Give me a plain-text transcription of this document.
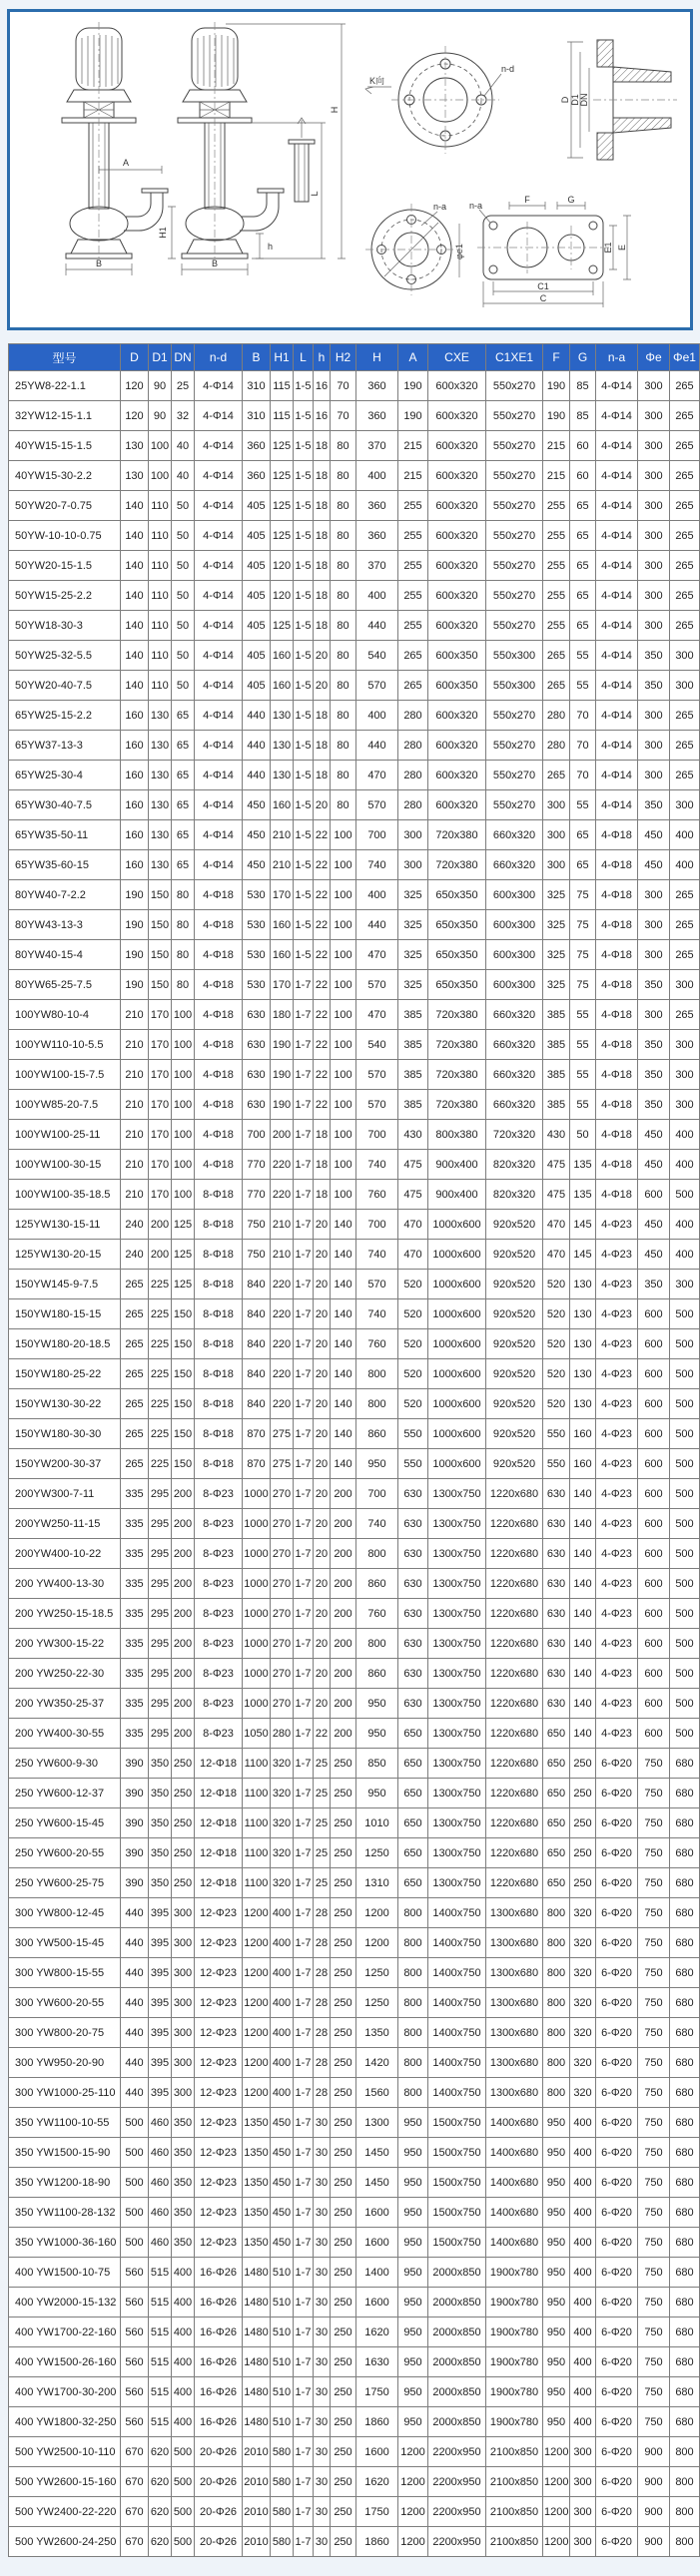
A
B
H1
B
h
L
H
n-d
K向
D D1 DN
n-a
φe1
n-a
F	G
E1 E
C1
C
型号	D	D1	DN	n-d	B	H1	L	h	H2	H	A	CXE	C1XE1	F	G	n-a	Φe	Φe1
25YW8-22-1.1	120	90	25	4-Φ14	310	115	1-5	16	70	360	190	600x320	550x270	190	85	4-Φ14	300	265
32YW12-15-1.1	120	90	32	4-Φ14	310	115	1-5	16	70	360	190	600x320	550x270	190	85	4-Φ14	300	265
40YW15-15-1.5	130	100	40	4-Φ14	360	125	1-5	18	80	370	215	600x320	550x270	215	60	4-Φ14	300	265
40YW15-30-2.2	130	100	40	4-Φ14	360	125	1-5	18	80	400	215	600x320	550x270	215	60	4-Φ14	300	265
50YW20-7-0.75	140	110	50	4-Φ14	405	125	1-5	18	80	360	255	600x320	550x270	255	65	4-Φ14	300	265
50YW-10-10-0.75	140	110	50	4-Φ14	405	125	1-5	18	80	360	255	600x320	550x270	255	65	4-Φ14	300	265
50YW20-15-1.5	140	110	50	4-Φ14	405	120	1-5	18	80	370	255	600x320	550x270	255	65	4-Φ14	300	265
50YW15-25-2.2	140	110	50	4-Φ14	405	120	1-5	18	80	400	255	600x320	550x270	255	65	4-Φ14	300	265
50YW18-30-3	140	110	50	4-Φ14	405	125	1-5	18	80	440	255	600x320	550x270	255	65	4-Φ14	300	265
50YW25-32-5.5	140	110	50	4-Φ14	405	160	1-5	20	80	540	265	600x350	550x300	265	55	4-Φ14	350	300
50YW20-40-7.5	140	110	50	4-Φ14	405	160	1-5	20	80	570	265	600x350	550x300	265	55	4-Φ14	350	300
65YW25-15-2.2	160	130	65	4-Φ14	440	130	1-5	18	80	400	280	600x320	550x270	280	70	4-Φ14	300	265
65YW37-13-3	160	130	65	4-Φ14	440	130	1-5	18	80	440	280	600x320	550x270	280	70	4-Φ14	300	265
65YW25-30-4	160	130	65	4-Φ14	440	130	1-5	18	80	470	280	600x320	550x270	265	70	4-Φ14	300	265
65YW30-40-7.5	160	130	65	4-Φ14	450	160	1-5	20	80	570	280	600x320	550x270	300	55	4-Φ14	350	300
65YW35-50-11	160	130	65	4-Φ14	450	210	1-5	22	100	700	300	720x380	660x320	300	65	4-Φ18	450	400
65YW35-60-15	160	130	65	4-Φ14	450	210	1-5	22	100	740	300	720x380	660x320	300	65	4-Φ18	450	400
80YW40-7-2.2	190	150	80	4-Φ18	530	170	1-5	22	100	400	325	650x350	600x300	325	75	4-Φ18	300	265
80YW43-13-3	190	150	80	4-Φ18	530	160	1-5	22	100	440	325	650x350	600x300	325	75	4-Φ18	300	265
80YW40-15-4	190	150	80	4-Φ18	530	160	1-5	22	100	470	325	650x350	600x300	325	75	4-Φ18	300	265
80YW65-25-7.5	190	150	80	4-Φ18	530	170	1-7	22	100	570	325	650x350	600x300	325	75	4-Φ18	350	300
100YW80-10-4	210	170	100	4-Φ18	630	180	1-7	22	100	470	385	720x380	660x320	385	55	4-Φ18	300	265
100YW110-10-5.5	210	170	100	4-Φ18	630	190	1-7	22	100	540	385	720x380	660x320	385	55	4-Φ18	350	300
100YW100-15-7.5	210	170	100	4-Φ18	630	190	1-7	22	100	570	385	720x380	660x320	385	55	4-Φ18	350	300
100YW85-20-7.5	210	170	100	4-Φ18	630	190	1-7	22	100	570	385	720x380	660x320	385	55	4-Φ18	350	300
100YW100-25-11	210	170	100	4-Φ18	700	200	1-7	18	100	700	430	800x380	720x320	430	50	4-Φ18	450	400
100YW100-30-15	210	170	100	4-Φ18	770	220	1-7	18	100	740	475	900x400	820x320	475	135	4-Φ18	450	400
100YW100-35-18.5	210	170	100	8-Φ18	770	220	1-7	18	100	760	475	900x400	820x320	475	135	4-Φ18	600	500
125YW130-15-11	240	200	125	8-Φ18	750	210	1-7	20	140	700	470	1000x600	920x520	470	145	4-Φ23	450	400
125YW130-20-15	240	200	125	8-Φ18	750	210	1-7	20	140	740	470	1000x600	920x520	470	145	4-Φ23	450	400
150YW145-9-7.5	265	225	125	8-Φ18	840	220	1-7	20	140	570	520	1000x600	920x520	520	130	4-Φ23	350	300
150YW180-15-15	265	225	150	8-Φ18	840	220	1-7	20	140	740	520	1000x600	920x520	520	130	4-Φ23	600	500
150YW180-20-18.5	265	225	150	8-Φ18	840	220	1-7	20	140	760	520	1000x600	920x520	520	130	4-Φ23	600	500
150YW180-25-22	265	225	150	8-Φ18	840	220	1-7	20	140	800	520	1000x600	920x520	520	130	4-Φ23	600	500
150YW130-30-22	265	225	150	8-Φ18	840	220	1-7	20	140	800	520	1000x600	920x520	520	130	4-Φ23	600	500
150YW180-30-30	265	225	150	8-Φ18	870	275	1-7	20	140	860	550	1000x600	920x520	550	160	4-Φ23	600	500
150YW200-30-37	265	225	150	8-Φ18	870	275	1-7	20	140	950	550	1000x600	920x520	550	160	4-Φ23	600	500
200YW300-7-11	335	295	200	8-Φ23	1000	270	1-7	20	200	700	630	1300x750	1220x680	630	140	4-Φ23	600	500
200YW250-11-15	335	295	200	8-Φ23	1000	270	1-7	20	200	740	630	1300x750	1220x680	630	140	4-Φ23	600	500
200YW400-10-22	335	295	200	8-Φ23	1000	270	1-7	20	200	800	630	1300x750	1220x680	630	140	4-Φ23	600	500
200 YW400-13-30	335	295	200	8-Φ23	1000	270	1-7	20	200	860	630	1300x750	1220x680	630	140	4-Φ23	600	500
200 YW250-15-18.5	335	295	200	8-Φ23	1000	270	1-7	20	200	760	630	1300x750	1220x680	630	140	4-Φ23	600	500
200 YW300-15-22	335	295	200	8-Φ23	1000	270	1-7	20	200	800	630	1300x750	1220x680	630	140	4-Φ23	600	500
200 YW250-22-30	335	295	200	8-Φ23	1000	270	1-7	20	200	860	630	1300x750	1220x680	630	140	4-Φ23	600	500
200 YW350-25-37	335	295	200	8-Φ23	1000	270	1-7	20	200	950	630	1300x750	1220x680	630	140	4-Φ23	600	500
200 YW400-30-55	335	295	200	8-Φ23	1050	280	1-7	22	200	950	650	1300x750	1220x680	650	140	4-Φ23	600	500
250 YW600-9-30	390	350	250	12-Φ18	1100	320	1-7	25	250	850	650	1300x750	1220x680	650	250	6-Φ20	750	680
250 YW600-12-37	390	350	250	12-Φ18	1100	320	1-7	25	250	950	650	1300x750	1220x680	650	250	6-Φ20	750	680
250 YW600-15-45	390	350	250	12-Φ18	1100	320	1-7	25	250	1010	650	1300x750	1220x680	650	250	6-Φ20	750	680
250 YW600-20-55	390	350	250	12-Φ18	1100	320	1-7	25	250	1250	650	1300x750	1220x680	650	250	6-Φ20	750	680
250 YW600-25-75	390	350	250	12-Φ18	1100	320	1-7	25	250	1310	650	1300x750	1220x680	650	250	6-Φ20	750	680
300 YW800-12-45	440	395	300	12-Φ23	1200	400	1-7	28	250	1200	800	1400x750	1300x680	800	320	6-Φ20	750	680
300 YW500-15-45	440	395	300	12-Φ23	1200	400	1-7	28	250	1200	800	1400x750	1300x680	800	320	6-Φ20	750	680
300 YW800-15-55	440	395	300	12-Φ23	1200	400	1-7	28	250	1250	800	1400x750	1300x680	800	320	6-Φ20	750	680
300 YW600-20-55	440	395	300	12-Φ23	1200	400	1-7	28	250	1250	800	1400x750	1300x680	800	320	6-Φ20	750	680
300 YW800-20-75	440	395	300	12-Φ23	1200	400	1-7	28	250	1350	800	1400x750	1300x680	800	320	6-Φ20	750	680
300 YW950-20-90	440	395	300	12-Φ23	1200	400	1-7	28	250	1420	800	1400x750	1300x680	800	320	6-Φ20	750	680
300 YW1000-25-110	440	395	300	12-Φ23	1200	400	1-7	28	250	1560	800	1400x750	1300x680	800	320	6-Φ20	750	680
350 YW1100-10-55	500	460	350	12-Φ23	1350	450	1-7	30	250	1300	950	1500x750	1400x680	950	400	6-Φ20	750	680
350 YW1500-15-90	500	460	350	12-Φ23	1350	450	1-7	30	250	1450	950	1500x750	1400x680	950	400	6-Φ20	750	680
350 YW1200-18-90	500	460	350	12-Φ23	1350	450	1-7	30	250	1450	950	1500x750	1400x680	950	400	6-Φ20	750	680
350 YW1100-28-132	500	460	350	12-Φ23	1350	450	1-7	30	250	1600	950	1500x750	1400x680	950	400	6-Φ20	750	680
350 YW1000-36-160	500	460	350	12-Φ23	1350	450	1-7	30	250	1600	950	1500x750	1400x680	950	400	6-Φ20	750	680
400 YW1500-10-75	560	515	400	16-Φ26	1480	510	1-7	30	250	1400	950	2000x850	1900x780	950	400	6-Φ20	750	680
400 YW2000-15-132	560	515	400	16-Φ26	1480	510	1-7	30	250	1600	950	2000x850	1900x780	950	400	6-Φ20	750	680
400 YW1700-22-160	560	515	400	16-Φ26	1480	510	1-7	30	250	1620	950	2000x850	1900x780	950	400	6-Φ20	750	680
400 YW1500-26-160	560	515	400	16-Φ26	1480	510	1-7	30	250	1630	950	2000x850	1900x780	950	400	6-Φ20	750	680
400 YW1700-30-200	560	515	400	16-Φ26	1480	510	1-7	30	250	1750	950	2000x850	1900x780	950	400	6-Φ20	750	680
400 YW1800-32-250	560	515	400	16-Φ26	1480	510	1-7	30	250	1860	950	2000x850	1900x780	950	400	6-Φ20	750	680
500 YW2500-10-110	670	620	500	20-Φ26	2010	580	1-7	30	250	1600	1200	2200x950	2100x850	1200	300	6-Φ20	900	800
500 YW2600-15-160	670	620	500	20-Φ26	2010	580	1-7	30	250	1620	1200	2200x950	2100x850	1200	300	6-Φ20	900	800
500 YW2400-22-220	670	620	500	20-Φ26	2010	580	1-7	30	250	1750	1200	2200x950	2100x850	1200	300	6-Φ20	900	800
500 YW2600-24-250	670	620	500	20-Φ26	2010	580	1-7	30	250	1860	1200	2200x950	2100x850	1200	300	6-Φ20	900	800
